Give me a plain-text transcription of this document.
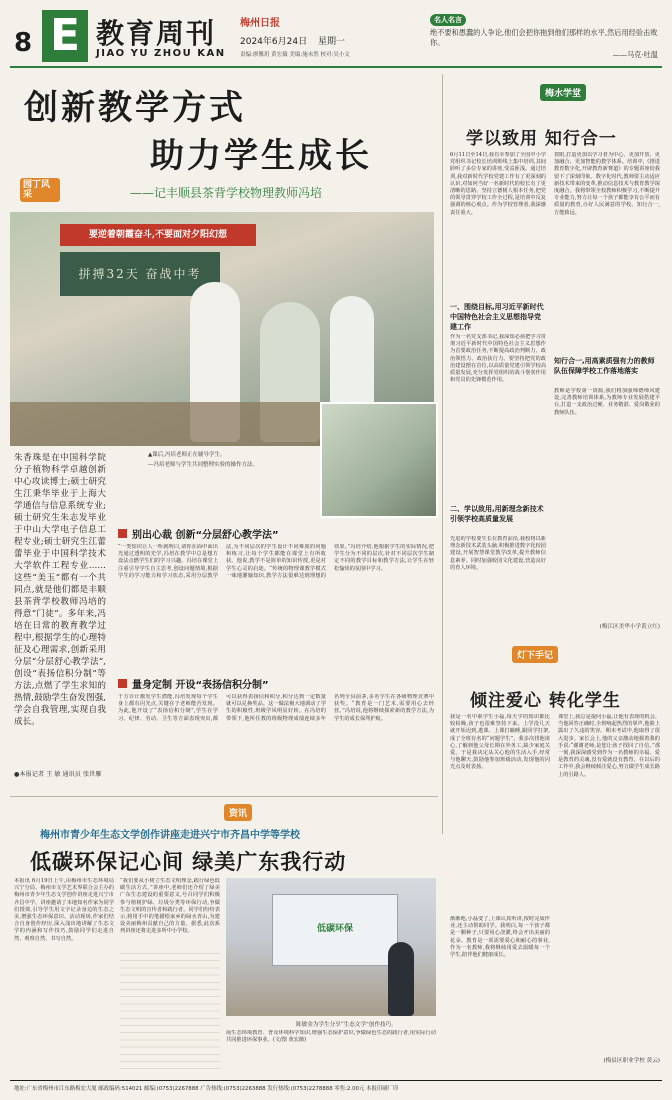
8 E 教育周刊
JIAO YU ZHOU KAN
梅州日报
2024年6月24日 星期一
责编:廖馨玥 黄宏薇 美编:施未然 校对:吴小文
名人名言
绝不要和愚蠢的人争论,他们会把你拖到他们那样的水平,然后用经验击败你。
——马克·吐温
创新教学方式
助力学生成长
园丁风采	——记丰顺县茶背学校物理教师冯培
要逆着朝霞奋斗,不要面对夕阳幻想
拼搏32天 奋战中考
▲课后,冯培老师正在辅导学生。
—冯培老师与学生共同整理实验的操作方法。
朱香珠是在中国科学院分子植物科学卓越创新中心攻读博士;硕士研究生江秉华毕业于上海大学通信与信息系统专业;硕士研究生朱志发毕业于中山大学电子信息工程专业;硕士研究生江蕾蕾毕业于中国科学技术大学软件工程专业……这些“美玉”都有一个共同点,就是他们都是丰顺县茶背学校教师冯培的得意“门徒”。多年来,冯培在日常的教育教学过程中,根据学生的心理特征及心理需求,创新采用分层“分层舒心教学法”,创设“表扬信积分制”等方法,点燃了学生求知的热情,鼓励学生奋发图强,学会自我管理,实现自我成长。
●本报记者 王 敏 通讯员 张世雁
别出心裁 创新“分层舒心教学法”
“一类知识让人一听就明白,请你在面中面出光通过透明的光学,冯培在教学中总是想方设法点燃学生们的学习兴趣。冯培在课堂上注重引导学生自主思考,创设问题情境,根据学生的学习能力和学习状态,采用分层教学法,为不同层次的学生设计不同难度的问题和练习,让每个学生都能在课堂上有所收获。他说,教学不是简单的知识传授,更是对学生心灵的启迪。“传统的物理课教学模式一味地灌输知识,教学方法很难达到理想的效果。”冯培介绍,他根据学生的实际情况,把学生分为不同的层次,针对不同层次学生制定不同的教学目标和教学方法,让学生在轻松愉快的氛围中学习。
量身定制 开设“表扬信积分制”
千方百计激发学生潜能,冯培发现每个学生身上都有闪光点,关键在于老师能否发现。为此,他开设了“表扬信积分制”,学生在学习、纪律、劳动、卫生等方面表现突出,都可以获得表扬信和积分,积分达到一定数量就可以兑换奖品。这一做法极大地调动了学生的积极性,班级学风明显好转。在冯培的带领下,他所任教的班级物理成绩连续多年名列全县前茅,多名学生在各级物理竞赛中获奖。“教育是一门艺术,需要用心去经营。”冯培说,他将继续探索新的教学方法,为学生的成长保驾护航。
梅水学堂
学以致用 知行合一
6月11日至14日,我有幸参加了全国中小学党组织书记校长培训班线上集中培训,其间聆听了多位专家的讲座,受益匪浅。通过培训,我对新时代学校党建工作有了更深刻的认识,对如何当好一名新时代的校长有了更清晰的思路。坚持立德树人根本任务,把党的领导贯穿学校工作全过程,是培训中反复强调的核心观点。作为学校管理者,我深感责任重大。
一、围绕目标,用习近平新时代中国特色社会主义思想指导党建工作
作为一名党支部书记,我深知必须把学习贯彻习近平新时代中国特色社会主义思想作为首要政治任务,不断提高政治判断力、政治领悟力、政治执行力。要坚持把党的政治建设摆在首位,以高质量党建引领学校高质量发展,充分发挥党组织的战斗堡垒作用和党员的先锋模范作用。
二、学以致用,用新理念新技术引领学校高质量发展
先进的学校要生长在教育前沿,我校将以新理念新技术武装头脑,积极推进数字化校园建设,开展智慧课堂教学改革,提升教师信息素养。同时加强校园文化建设,营造良好的育人环境。
着眼,打造更加以学习者为中心、更加开放、更加融合、更加智能的教学体系。培训中,《推进教育数字化,开辟教育新赛道》的专题讲座给我留下了深刻印象。数字化时代,教师要主动适应新技术带来的变革,推动信息技术与教育教学深度融合。我将带领全校教师积极学习,不断提升专业能力,努力让每一个孩子都能享有公平而有质量的教育,办好人民满意的学校。知行合一,方能致远。
知行合一,用高素质强有力的教师队伍保障学校工作落地落实
教师是学校第一资源,我们将加强师德师风建设,完善教师培训体系,为教师专业发展搭建平台,打造一支政治过硬、业务精湛、爱岗敬业的教师队伍。
(梅江区美华小学黄立红)
灯下手记
倾注爱心 转化学生
我是一名中职学生小磊,每天学的知识都比较枯燥,孩子也很难坚持下来。上学没几天就开始迟到,逃课、上课打瞌睡,跟同学打架,成了全班有名的“问题学生”。我多次找他谈心,了解到他父母长期在外务工,缺少家庭关爱。于是我决定从关心他的生活入手,经常与他聊天,鼓励他参加班级活动,发现他的闪光点及时表扬。
渐渐地,小磊变了,上课认真听讲,按时完成作业,还主动帮助同学。我明白,每一个孩子都是一颗种子,只要用心浇灌,终会开出美丽的花朵。教育是一项需要爱心和耐心的事业,作为一名教师,我将继续用爱去温暖每一个学生,陪伴他们健康成长。
课堂上,我总是提问小磊,让他有表现的机会。当他回答正确时,全班响起热烈的掌声,他脸上露出了久违的笑容。期末考试中,他取得了很大进步。家长会上,他的父亲激动地握着我的手说:“谢谢老师,是您让孩子找回了自信。”那一刻,我深深感受到作为一名教师的幸福。爱是教育的灵魂,没有爱就没有教育。在以后的工作中,我会继续倾注爱心,努力做学生成长路上的引路人。
(梅县区职业学校 黄云)
资讯
梅州市青少年生态文学创作讲座走进兴宁市齐昌中学等学校
低碳环保记心间 绿美广东我行动
本报讯 6月19日上午,由梅州市生态环境局兴宁分局、梅州市文学艺术界联合会主办的梅州市青少年生态文学创作讲座走进兴宁市齐昌中学。讲座邀请了本地知名作家为同学们授课,引导学生用文字记录身边的生态之美,增强生态环保意识。活动现场,作家们结合自身创作经历,深入浅出地讲解了生态文学的内涵和写作技巧,鼓励同学们走进自然、观察自然、书写自然。
“我们要从小树立生态文明理念,践行绿色低碳生活方式。”讲座中,老师们还介绍了绿美广东生态建设的重要意义,号召同学们积极参与植树护绿、垃圾分类等环保行动,争做生态文明的宣传者和践行者。同学们纷纷表示,将用手中的笔描绘家乡的绿水青山,为建设美丽梅州贡献自己的力量。据悉,此次系列讲座还将走进多所中小学校。	低碳环保
陈敏金为学生分享“生态文学”创作技巧。
展生态环境教育、普及环境科学知识,增强生态保护意识,争做绿色生态的践行者,用实际行动共同推进环保事业。(文/图 黄宏薇)
地址:广东省梅州市江东路梅宏大厦 邮政编码:514021 邮编:(0753)2267888 广告热线:(0753)2263888 发行热线:(0753)2278888 零售:2.00元 本报印刷厂印
